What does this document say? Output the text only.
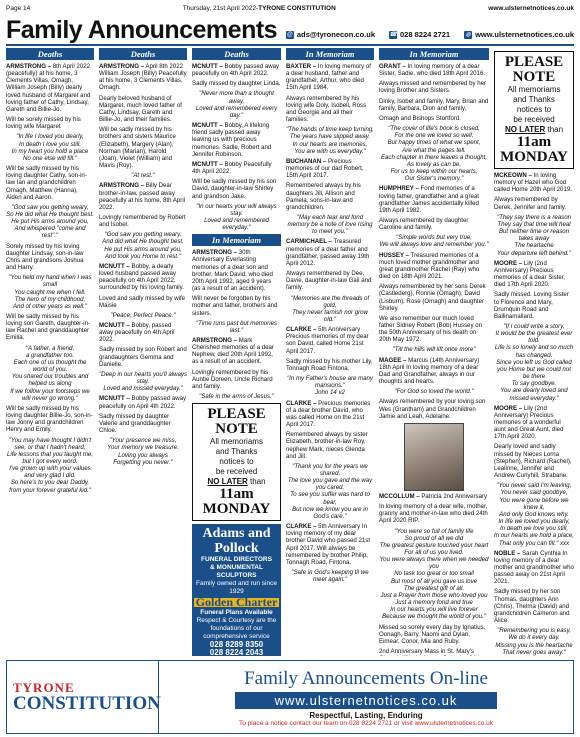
Page 14	Thursday, 21st April 2022-TYRONE CONSTITUTION	www.ulsternetnotices.co.uk
Family Announcements @ ads@tyronecon.co.uk ☎ 028 8224 2721	◍ www.ulsternetnotices.co.uk
Deaths

ARMSTRONG – 8th April 2022 (peacefully) at his home, 3 Clements Villas, Omagh, William Joseph (Billy) dearly loved husband of Margaret and loving father of Cathy, Lindsay, Gareth and Billie-Jo.

Will be sorely missed by his loving wife Margaret

"In life I loved you dearly,
In death I love you still.
In my heart you hold a place
No one else will fill."

Will be sadly missed by his loving daughter Cathy, son-in-law Ian and grandchildren Omagh, Matthew (Hanna), Aiden and Aaron.

"God saw you getting weary,
So He did what He thought best.
He put His arms around you,
And whispered "come and rest"."

Sorely missed by his loving daughter Lindsay, son-in-law Chris and grandsons Joshua and Harry.

"You held my hand when I was small
You caught me when I fell.
The hero of my childhood,
And of other years as well."

Will be sadly missed by his loving son Gareth, daughter-in-law Rachel and granddaughter Emilia.

"A father, a friend,
a grandfather too.
Each one of us thought the world of you.
You shared our troubles and helped us along
If we follow your footsteps we will never go wrong."

Will be sadly missed by his loving daughter Billie-Jo, son-in-law Jonny and grandchildren Henry and Emily.

"You may have thought I didn't see, or that I hadn't heard,
Life lessons that you taught me, but I got every word.
I've grown up with your values and very glad I did.
So here's to you dear Daddy,
from your forever grateful kid."
Deaths

ARMSTRONG – April 8th 2022 William Joseph (Billy) Peacefully at his home, 3 Clements Villas, Omagh.

Dearly beloved husband of Margaret, much loved father of Cathy, Lindsay, Gareth and Billie-Jo, and their families.

Will be sadly missed by his brothers and sisters Maurice (Elizabeth), Margery (Alan), Norman (Marian), Harold (Joan), Violet (William) and Mavis (Roy).

"At rest."

ARMSTRONG – Billy Dear brother-in-law, passed away peacefully at his home, 8th April 2022.

Lovingly remembered by Robert and Isobel.

"God saw you getting weary,
And did what He thought best.
He put His arms around you,
And took you Home to rest."

MCNUTT – Bobby, a dearly loved husband passed away peacefully on 4th April 2022, surrounded by his loving family.

Loved and sadly missed by wife Maisie

"Peace, Perfect Peace."

MCNUTT – Bobby, passed away peacefully on 4th April 2022.

Sadly missed by son Robert and grandaughters Gemma and Danielle.

"Deep in our hearts you'll always stay.
Loved and missed everyday."

MCNUTT – Bobby passed away peacefully on April 4th 2022.

Sadly missed by daughter Valerie and granddaughter Chloe.

"Your presence we miss,
Your memory we treasure.
Loving you always
Forgetting you never."
Deaths

MCNUTT – Bobby passed away peacefully on 4th April 2022.

Sadly missed by daughter Linda.

"Never more than a thought away,
Loved and remembered every day."

MCNUTT – Bobby, A lifelong friend sadly passed away leaving us with precious memories. Sadie, Robert and Jennifer Robinson.

MCNUTT – Bobby Peacefully 4th April 2022.

Will be sadly missed by his son David, daughter-in-law Shirley and grandson Jake.

"In our hearts your will always stay.
Loved and remembered everyday."
In Memoriam

ARMSTRONG – 30th Anniversary Everlasting memories of a dear son and brother, Mark David, who died 20th April 1992, aged 9 years (as a result of an accident).

Will never be forgotten by his mother and father, brothers and sisters.

"Time runs past but memories last."

ARMSTRONG – Mark Cherished memories of a dear Nephew, died 20th April 1992, as a result of an accident.

Lovingly remembered by his Auntie Doreen, Uncle Richard and family.

"Safe in the arms of Jesus."
PLEASE NOTE
All memoriams
and Thanks
notices to
be received
NO LATER than
11am MONDAY
Adams and Pollock
FUNERAL DIRECTORS
& MONUMENTAL SCULPTORS
Family owned and run since 1929
Golden Charter
Funeral Plans Available
Respect & Courtesy are the foundations of our comprehensive service
028 8289 8350
028 8224 2043
In Memoriam

BAXTER – In loving memory of a dear husband, father and grandfather, Arthur, who died 15th April 1984.

Always remembered by his loving wife Doly, Isobell, Ross and Georgie and all their families.

"The hands of time keep turning,
The years have slipped away.
In our hearts are memories,
You are with us everyday."

BUCHANAN – Precious memories of our dad Robert, 15th April 2017.

Remembered always by his daughters Jill, Allison and Pamela, sons-in-law and grandchildren.

"May each tear and fond memory be a note of love rising to meet you."

CARMICHAEL – Treasured memories of a dear father and grandfather, passed away 19th April 2012.

Always remembered by Dee, Davie, daughter-in-law Gail and family.

"Memories are the threads of gold,
They never tarnish nor grow old."

CLARKE – 5th Anniversary Precious memories of my dear son David, called Home 21st April 2017.

Sadly missed by his mother Lily, Tonnagh Road Fintona.

"In my Father's house are many mansions."
John 14 v2

CLARKE – Precious memories of a dear brother David, who was called Home on the 21st April 2017.

Remembered always by sister Elizabeth, brother-in-law Roy, nephew Mark, nieces Glenda and Jill.

"Thank you for the years we shared,
The love you gave and the way you cared.
To see you suffer was hard to bear,
But now we know you are in God's care."

CLARKE – 5th Anniversary In loving memory of my dear brother David who passed 21st April 2017. Will always be remembered by brother Philip, Tonnagh Road, Fintona.

"Safe in God's keeping til we meet again."
In Memoriam

GRANT – In loving memory of a dear Sister, Sadie, who died 18th April 2016.

Always missed and remembered by her loving Brother and Sisters.

Dinky, Isobel and family, Mary, Brian and family, Barbara, Dion and family.

Omagh and Bishops Stortford.

"The cover of life's book is closed,
For the one we loved so well,
But happy times of what we spent,
Are what the pages tell.
Each chapter in there leaves a thought,
As lovely as can be,
For us to keep within our hearts,
Our Sister's memory."

HUMPHREY – Fond memories of a loving father, grandfather and a great grandfather James accidentally killed 19th April 1982.

Always remembered by daughter Caroline and family.

"Simple words but very true,
We will always love and remember you."

HUSSEY – Treasured memories of a much loved mother grandmother and great grandmother Rachel (Ray) who died on 18th April 2021.

Always remembered by her sons Derek (Castlederg), Ronnie (Omagh), David (Lisburn), Rose (Omagh) and daughter Shirley.

We also remember our much loved father Sidney Robert (Bob) Hussey on the 50th Anniversary of his death on 20th May 1972.

"Till the hills will lift once more"

MAGEE – Marcus (14th Anniversary) 18th April In loving memory of a dear Dad and Grandfather, always in our thoughts and hearts.

"For God so loved the world."

Always remembered by your loving son Wes (Grantham) and Grandchildren Jamie and Leah, Adelaine.

MCCOLLUM – Patricia 2nd Anniversary

In loving memory of a dear wife, mother, granny and mother-in-law who died 24th April 2020 RIP.

"You were so full of family life
So proud of all we did
The greatest gesture touched your heart
For all of us you lived.
You were always there when we needed you
No task too great or too small
But most of all you gave us love
The greatest gift of all.
Just a Prayer from those who loved you
Just a memory fond and true
In our hearts you will live forever
Because we thought the world of you."

Missed so sorely every day by Ignatius, Oonagh, Barry, Naomi and Dylan, Eimear, Conor, Mia and Ruby.

2nd Anniversary Mass in St. Mary's

PLEASE NOTE
All memoriams
and Thanks
notices to
be received
NO LATER than
11am MONDAY

MCKEOWN – In loving memory of Hazel who God called Home 20th April 2019.

Always remembered by Derek, Jennifer and family.

"They say there is a reason
They say that time will heal
But neither time or reason takes away
The heartache
Your departure left behind."

MOORE – Lily (2nd Anniversary) Precious memories of a dear Sister, died 17th April 2020.

Sadly missed. Loving Sister to Florence and Mary, Drumquin Road and Ballinamallard.

"If I could write a story,
It would be the greatest ever told.
Life is so lonely and so much has changed.
Since you left us God called you Home but we could not be there
To say goodbye.
You are dearly loved and missed everyday."

MOORE – Lily (2nd Anniversary) Precious memories of a wonderful aunt and Great Aunt, died 17th April 2020.

Dearly loved and sadly missed by Nieces Lorna (Stephen), Richard (Rachel), Lealinne, Jennifer and Andrew Curlyhill, Strabane.

"You never said I'm leaving,
You never said goodbye,
You were gone before we knew it,
And only God knows why.
In life we loved you dearly,
In death we love you still,
In our hearts we hold a place,
That only you can fill." xxx

NOBLE – Sarah Cynthia In loving memory of a dear mother and grandmother who passed away on 21st April 2021.

Sadly missed by her son Thomas, daughters Ann (Chris), Thelma (David) and grandchildren Cameron and Alice.

"Remembering you is easy,
We do it every day.
Missing you is the heartache
That never goes away."
TYRONE
CONSTITUTION
Family Announcements On-line
www.ulsternetnotices.co.uk
Respectful, Lasting, Enduring
To place a notice contact our team on 028 8224 2721 or visit www.ulsternetnotices.co.uk
